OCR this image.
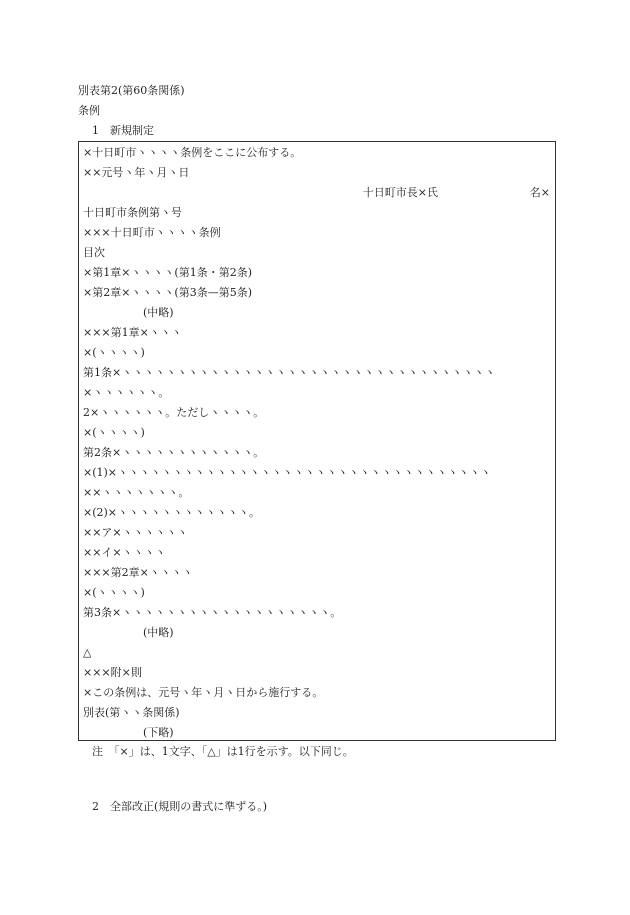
別表第2(第60条関係)
条例
1　新規制定
×十日町市ヽヽヽヽ条例をここに公布する。
××元号ヽ年ヽ月ヽ日
十日町市長×氏	名×
十日町市条例第ヽ号
×××十日町市ヽヽヽヽ条例
目次
×第1章×ヽヽヽヽ(第1条・第2条)
×第2章×ヽヽヽヽ(第3条—第5条)
(中略)
×××第1章×ヽヽヽ
×(ヽヽヽヽ)
第1条×ヽヽヽヽヽヽヽヽヽヽヽヽヽヽヽヽヽヽヽヽヽヽヽヽヽヽヽヽヽヽヽヽヽヽ
×ヽヽヽヽヽヽ。
2×ヽヽヽヽヽヽ。ただしヽヽヽヽ。
×(ヽヽヽヽ)
第2条×ヽヽヽヽヽヽヽヽヽヽヽヽ。
×(1)×ヽヽヽヽヽヽヽヽヽヽヽヽヽヽヽヽヽヽヽヽヽヽヽヽヽヽヽヽヽヽヽヽヽヽ
××ヽヽヽヽヽヽヽ。
×(2)×ヽヽヽヽヽヽヽヽヽヽヽヽ。
××ア×ヽヽヽヽヽヽ
××イ×ヽヽヽヽ
×××第2章×ヽヽヽヽ
×(ヽヽヽヽ)
第3条×ヽヽヽヽヽヽヽヽヽヽヽヽヽヽヽヽヽヽヽ。
(中略)
△
×××附×則
×この条例は、元号ヽ年ヽ月ヽ日から施行する。
別表(第ヽヽ条関係)
(下略)
注　「×」は、1文字、「△」は1行を示す。以下同じ。
2　全部改正(規則の書式に準ずる。)
